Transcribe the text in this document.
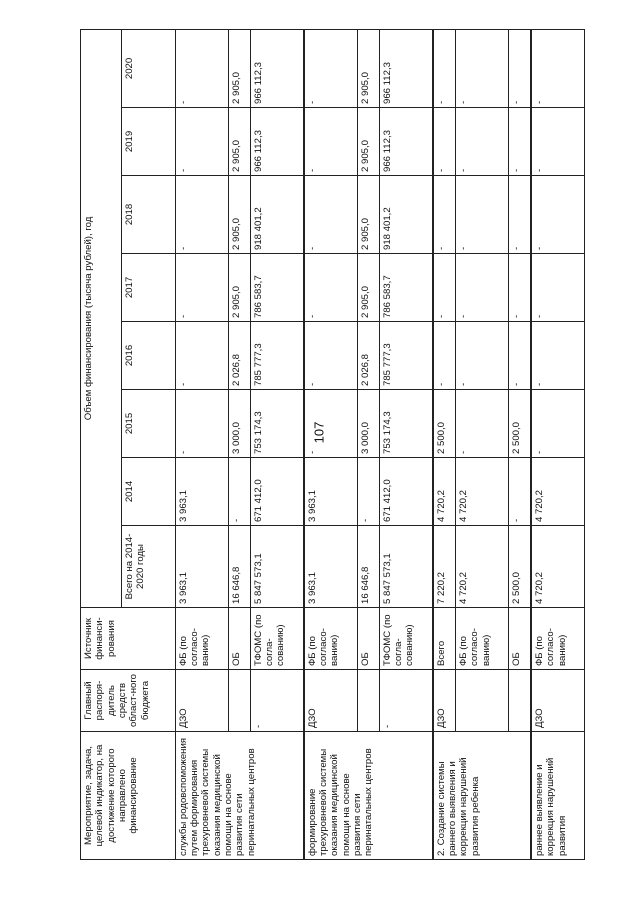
107
Мероприятие, задача, целевой индикатор, на достижение которого направлено финансирование	Главный распоря-дитель средств област-ного бюджета	Источник финанси-рования	Объем финансирования (тысяча рублей), год							
			Всего на 2014-2020 годы	2014	2015	2016	2017	2018	2019	2020
службы родовспоможения путем формирования трехуровневой системы оказания медицинской помощи на основе развития сети перинатальных центров	ДЗО	ФБ (по согласо-ванию)	3 963,1	3 963,1	-	-	-	-	-	-
		ОБ	16 646,8	-	3 000,0	2 026,8	2 905,0	2 905,0	2 905,0	2 905,0
	-	ТФОМС (по согла-сованию)	5 847 573,1	671 412,0	753 174,3	785 777,3	786 583,7	918 401,2	966 112,3	966 112,3
формирование трехуровневой системы оказания медицинской помощи на основе развития сети перинатальных центров	ДЗО	ФБ (по согласо-ванию)	3 963,1	3 963,1	-	-	-	-	-	-
		ОБ	16 646,8	-	3 000,0	2 026,8	2 905,0	2 905,0	2 905,0	2 905,0
	-	ТФОМС (по согла-сованию)	5 847 573,1	671 412,0	753 174,3	785 777,3	786 583,7	918 401,2	966 112,3	966 112,3
2. Создание системы раннего выявления и коррекции нарушений развития ребенка	ДЗО	Всего	7 220,2	4 720,2	2 500,0	-	-	-	-	-
		ФБ (по согласо-ванию)	4 720,2	4 720,2	-	-	-	-	-	-
		ОБ	2 500,0	-	2 500,0	-	-	-	-	-
раннее выявление и коррекция нарушений развития	ДЗО	ФБ (по согласо-ванию)	4 720,2	4 720,2	-	-	-	-	-	-
